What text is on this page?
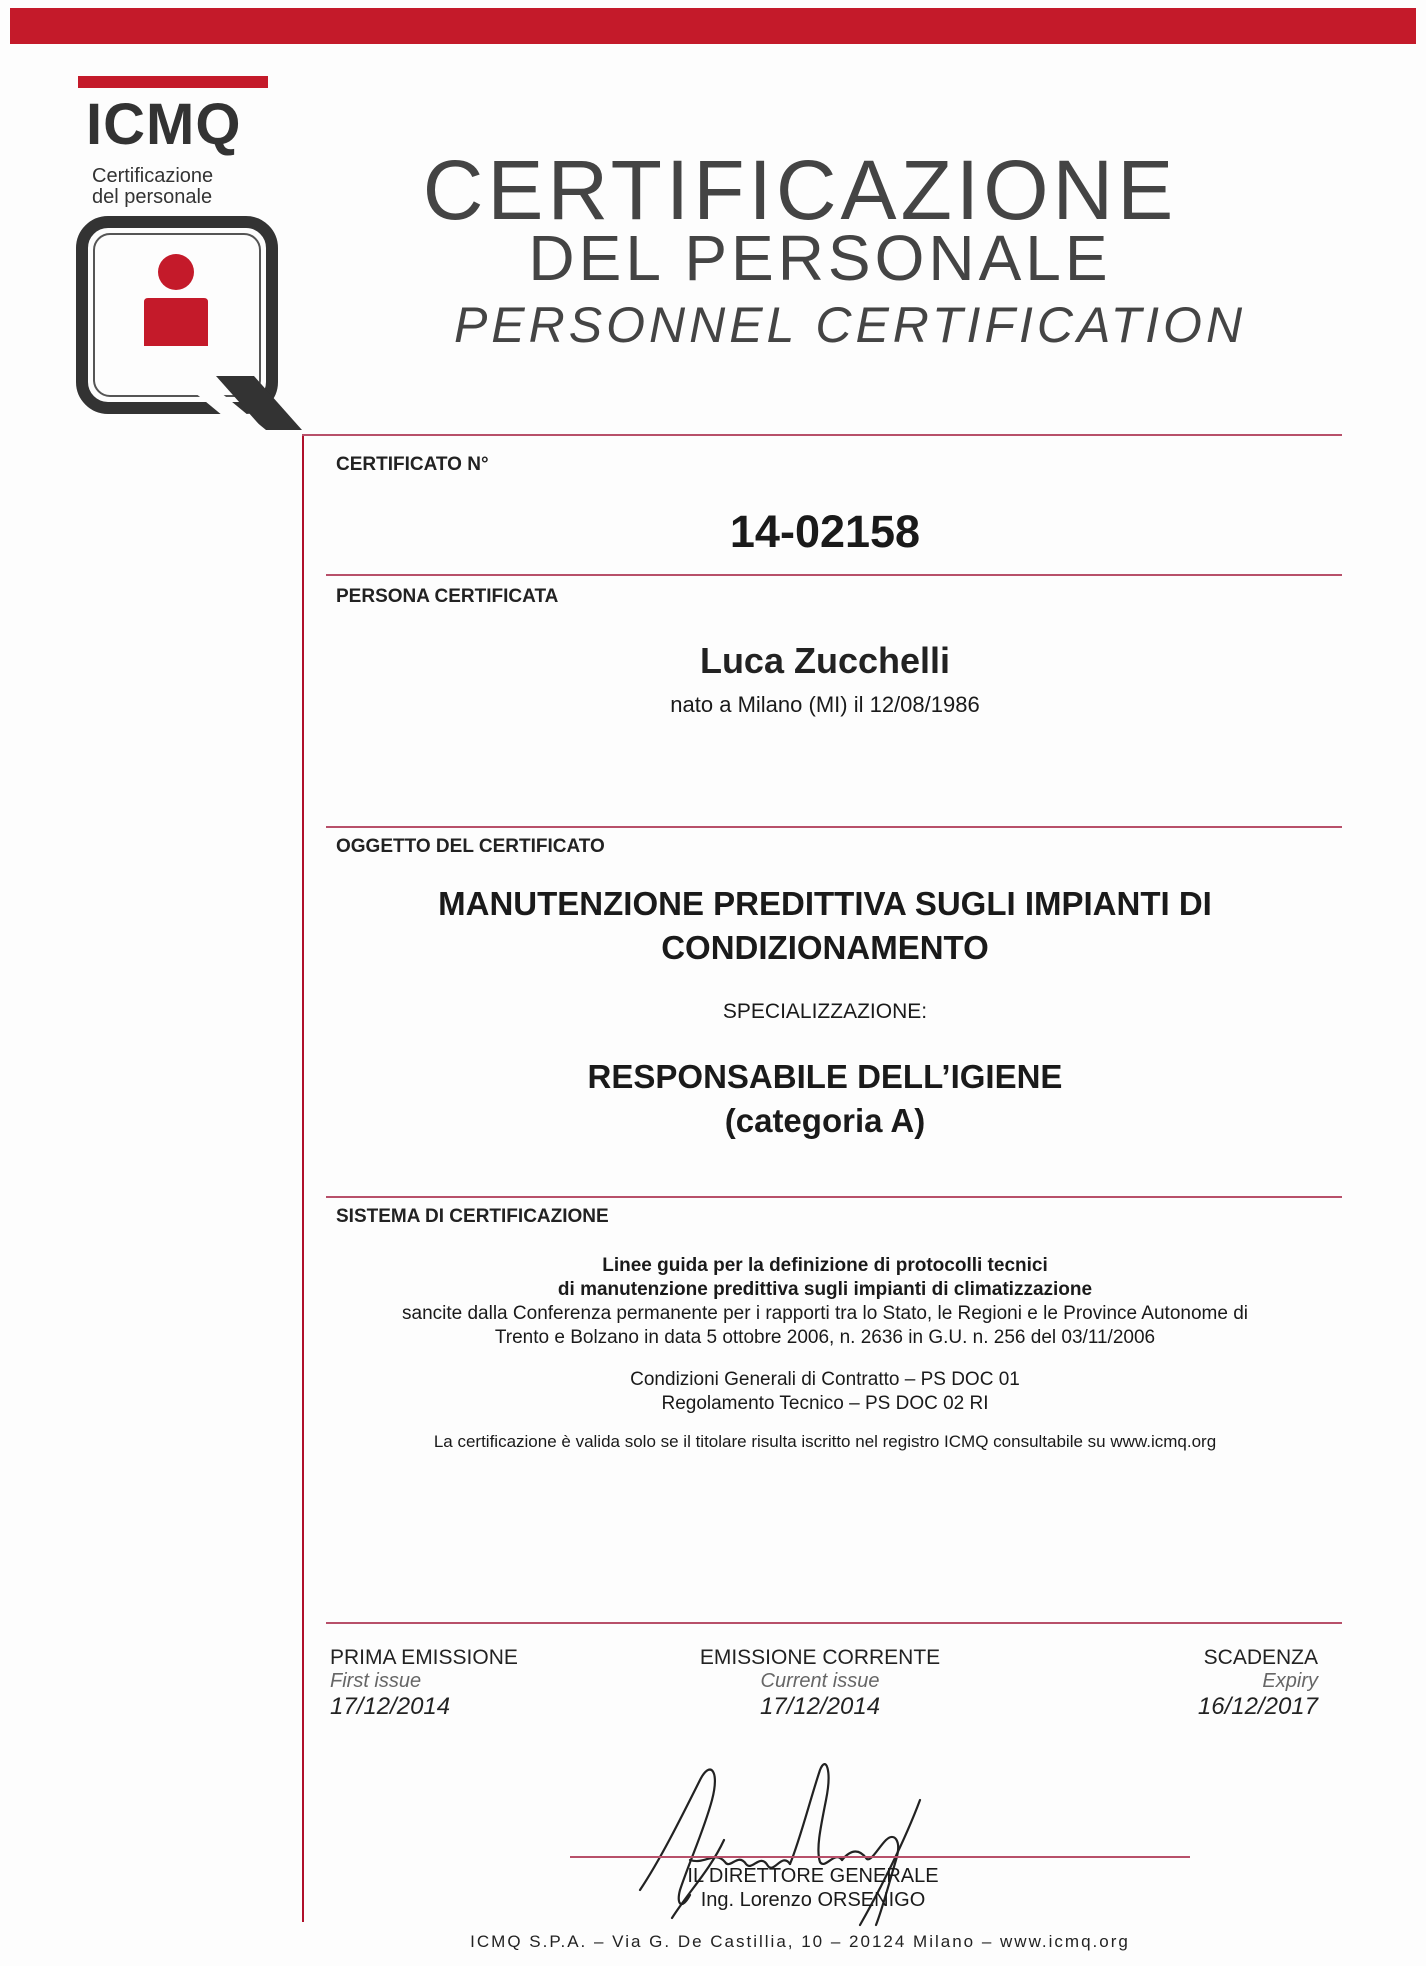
ICMQ
Certificazione
del personale	CERTIFICAZIONE
DEL PERSONALE
PERSONNEL CERTIFICATION
CERTIFICATO N°
14-02158
PERSONA CERTIFICATA
Luca Zucchelli
nato a Milano (MI) il 12/08/1986
OGGETTO DEL CERTIFICATO
MANUTENZIONE PREDITTIVA SUGLI IMPIANTI DI
CONDIZIONAMENTO
SPECIALIZZAZIONE:
RESPONSABILE DELL’IGIENE
(categoria A)
SISTEMA DI CERTIFICAZIONE
Linee guida per la definizione di protocolli tecnici
di manutenzione predittiva sugli impianti di climatizzazione
sancite dalla Conferenza permanente per i rapporti tra lo Stato, le Regioni e le Province Autonome di
Trento e Bolzano in data 5 ottobre 2006, n. 2636 in G.U. n. 256 del 03/11/2006
Condizioni Generali di Contratto – PS DOC 01
Regolamento Tecnico – PS DOC 02 RI
La certificazione è valida solo se il titolare risulta iscritto nel registro ICMQ consultabile su www.icmq.org
PRIMA EMISSIONE
First issue
17/12/2014
EMISSIONE CORRENTE
Current issue
17/12/2014
SCADENZA
Expiry
16/12/2017
IL DIRETTORE GENERALE
Ing. Lorenzo ORSENIGO
ICMQ S.P.A. – Via G. De Castillia, 10 – 20124 Milano – www.icmq.org
